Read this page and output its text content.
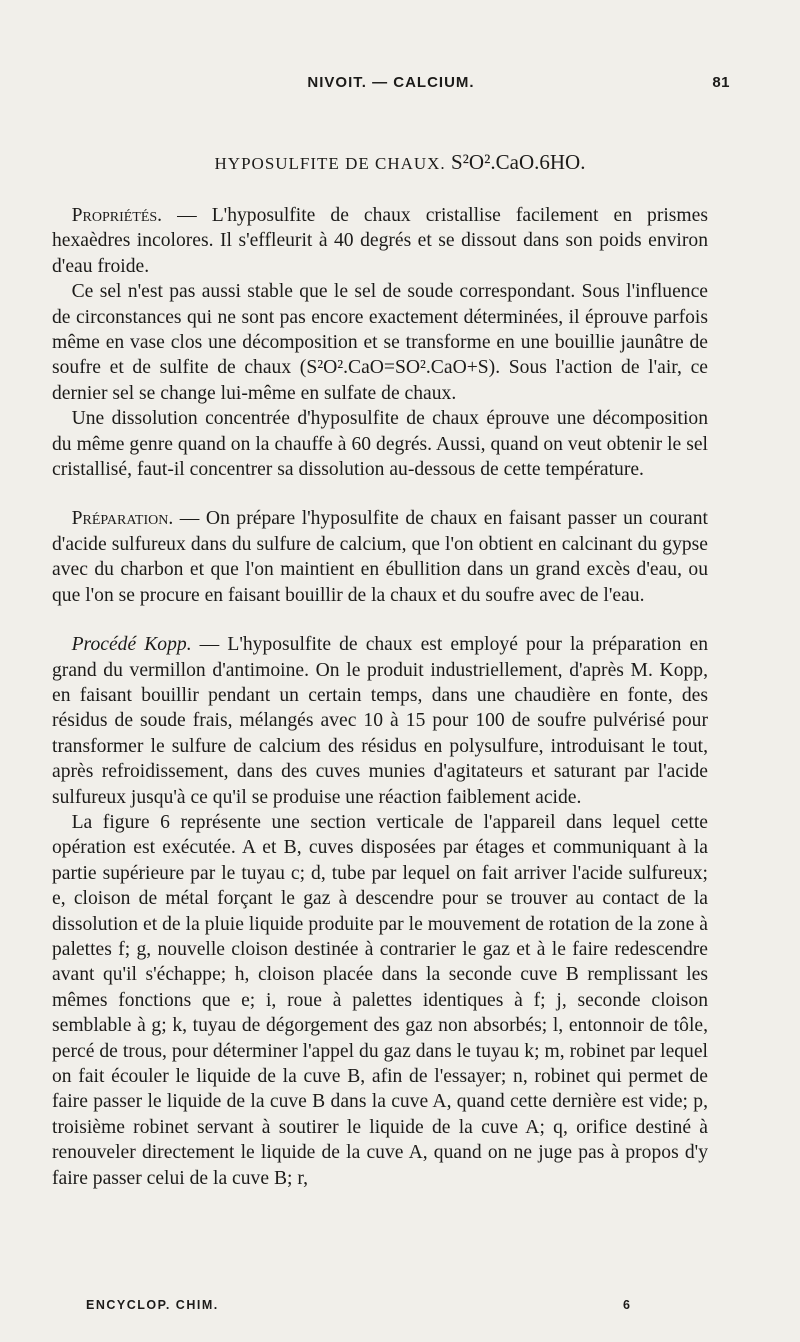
NIVOIT. — CALCIUM.	81
HYPOSULFITE DE CHAUX. S²O².CaO.6HO.

Propriétés. — L'hyposulfite de chaux cristallise facilement en prismes hexaèdres incolores. Il s'effleurit à 40 degrés et se dissout dans son poids environ d'eau froide.

Ce sel n'est pas aussi stable que le sel de soude correspondant. Sous l'influence de circonstances qui ne sont pas encore exactement déterminées, il éprouve parfois même en vase clos une décomposition et se transforme en une bouillie jaunâtre de soufre et de sulfite de chaux (S²O².CaO=SO².CaO+S). Sous l'action de l'air, ce dernier sel se change lui-même en sulfate de chaux.

Une dissolution concentrée d'hyposulfite de chaux éprouve une décomposition du même genre quand on la chauffe à 60 degrés. Aussi, quand on veut obtenir le sel cristallisé, faut-il concentrer sa dissolution au-dessous de cette température.

Préparation. — On prépare l'hyposulfite de chaux en faisant passer un courant d'acide sulfureux dans du sulfure de calcium, que l'on obtient en calcinant du gypse avec du charbon et que l'on maintient en ébullition dans un grand excès d'eau, ou que l'on se procure en faisant bouillir de la chaux et du soufre avec de l'eau.

Procédé Kopp. — L'hyposulfite de chaux est employé pour la préparation en grand du vermillon d'antimoine. On le produit industriellement, d'après M. Kopp, en faisant bouillir pendant un certain temps, dans une chaudière en fonte, des résidus de soude frais, mélangés avec 10 à 15 pour 100 de soufre pulvérisé pour transformer le sulfure de calcium des résidus en polysulfure, introduisant le tout, après refroidissement, dans des cuves munies d'agitateurs et saturant par l'acide sulfureux jusqu'à ce qu'il se produise une réaction faiblement acide.

La figure 6 représente une section verticale de l'appareil dans lequel cette opération est exécutée. A et B, cuves disposées par étages et communiquant à la partie supérieure par le tuyau c; d, tube par lequel on fait arriver l'acide sulfureux; e, cloison de métal forçant le gaz à descendre pour se trouver au contact de la dissolution et de la pluie liquide produite par le mouvement de rotation de la zone à palettes f; g, nouvelle cloison destinée à contrarier le gaz et à le faire redescendre avant qu'il s'échappe; h, cloison placée dans la seconde cuve B remplissant les mêmes fonctions que e; i, roue à palettes identiques à f; j, seconde cloison semblable à g; k, tuyau de dégorgement des gaz non absorbés; l, entonnoir de tôle, percé de trous, pour déterminer l'appel du gaz dans le tuyau k; m, robinet par lequel on fait écouler le liquide de la cuve B, afin de l'essayer; n, robinet qui permet de faire passer le liquide de la cuve B dans la cuve A, quand cette dernière est vide; p, troisième robinet servant à soutirer le liquide de la cuve A; q, orifice destiné à renouveler directement le liquide de la cuve A, quand on ne juge pas à propos d'y faire passer celui de la cuve B; r,

ENCYCLOP. CHIM.	6
